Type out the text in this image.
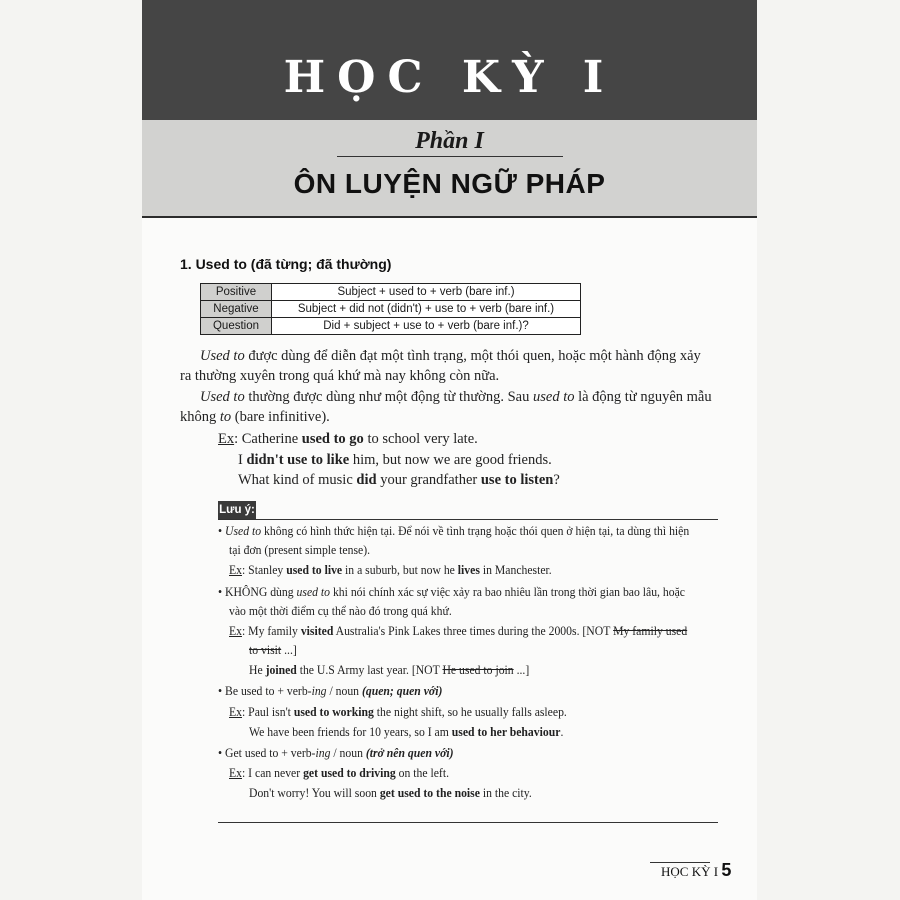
HỌC KỲ I
Phần I
ÔN LUYỆN NGỮ PHÁP
1. Used to (đã từng; đã thường)
Positive	Subject + used to + verb (bare inf.)
Negative	Subject + did not (didn't) + use to + verb (bare inf.)
Question	Did + subject + use to + verb (bare inf.)?
Used to được dùng để diễn đạt một tình trạng, một thói quen, hoặc một hành động xảy
ra thường xuyên trong quá khứ mà nay không còn nữa.
Used to thường được dùng như một động từ thường. Sau used to là động từ nguyên mẫu
không to (bare infinitive).
Ex: Catherine used to go to school very late.
I didn't use to like him, but now we are good friends.
What kind of music did your grandfather use to listen?
Lưu ý:
• Used to không có hình thức hiện tại. Để nói về tình trạng hoặc thói quen ở hiện tại, ta dùng thì hiện
tại đơn (present simple tense).
Ex: Stanley used to live in a suburb, but now he lives in Manchester.
• KHÔNG dùng used to khi nói chính xác sự việc xảy ra bao nhiêu lần trong thời gian bao lâu, hoặc
vào một thời điểm cụ thể nào đó trong quá khứ.
Ex: My family visited Australia's Pink Lakes three times during the 2000s. [NOT My family used
to visit ...]
He joined the U.S Army last year. [NOT He used to join ...]
• Be used to + verb-ing / noun (quen; quen với)
Ex: Paul isn't used to working the night shift, so he usually falls asleep.
We have been friends for 10 years, so I am used to her behaviour.
• Get used to + verb-ing / noun (trở nên quen với)
Ex: I can never get used to driving on the left.
Don't worry! You will soon get used to the noise in the city.
HỌC KỲ I 5
